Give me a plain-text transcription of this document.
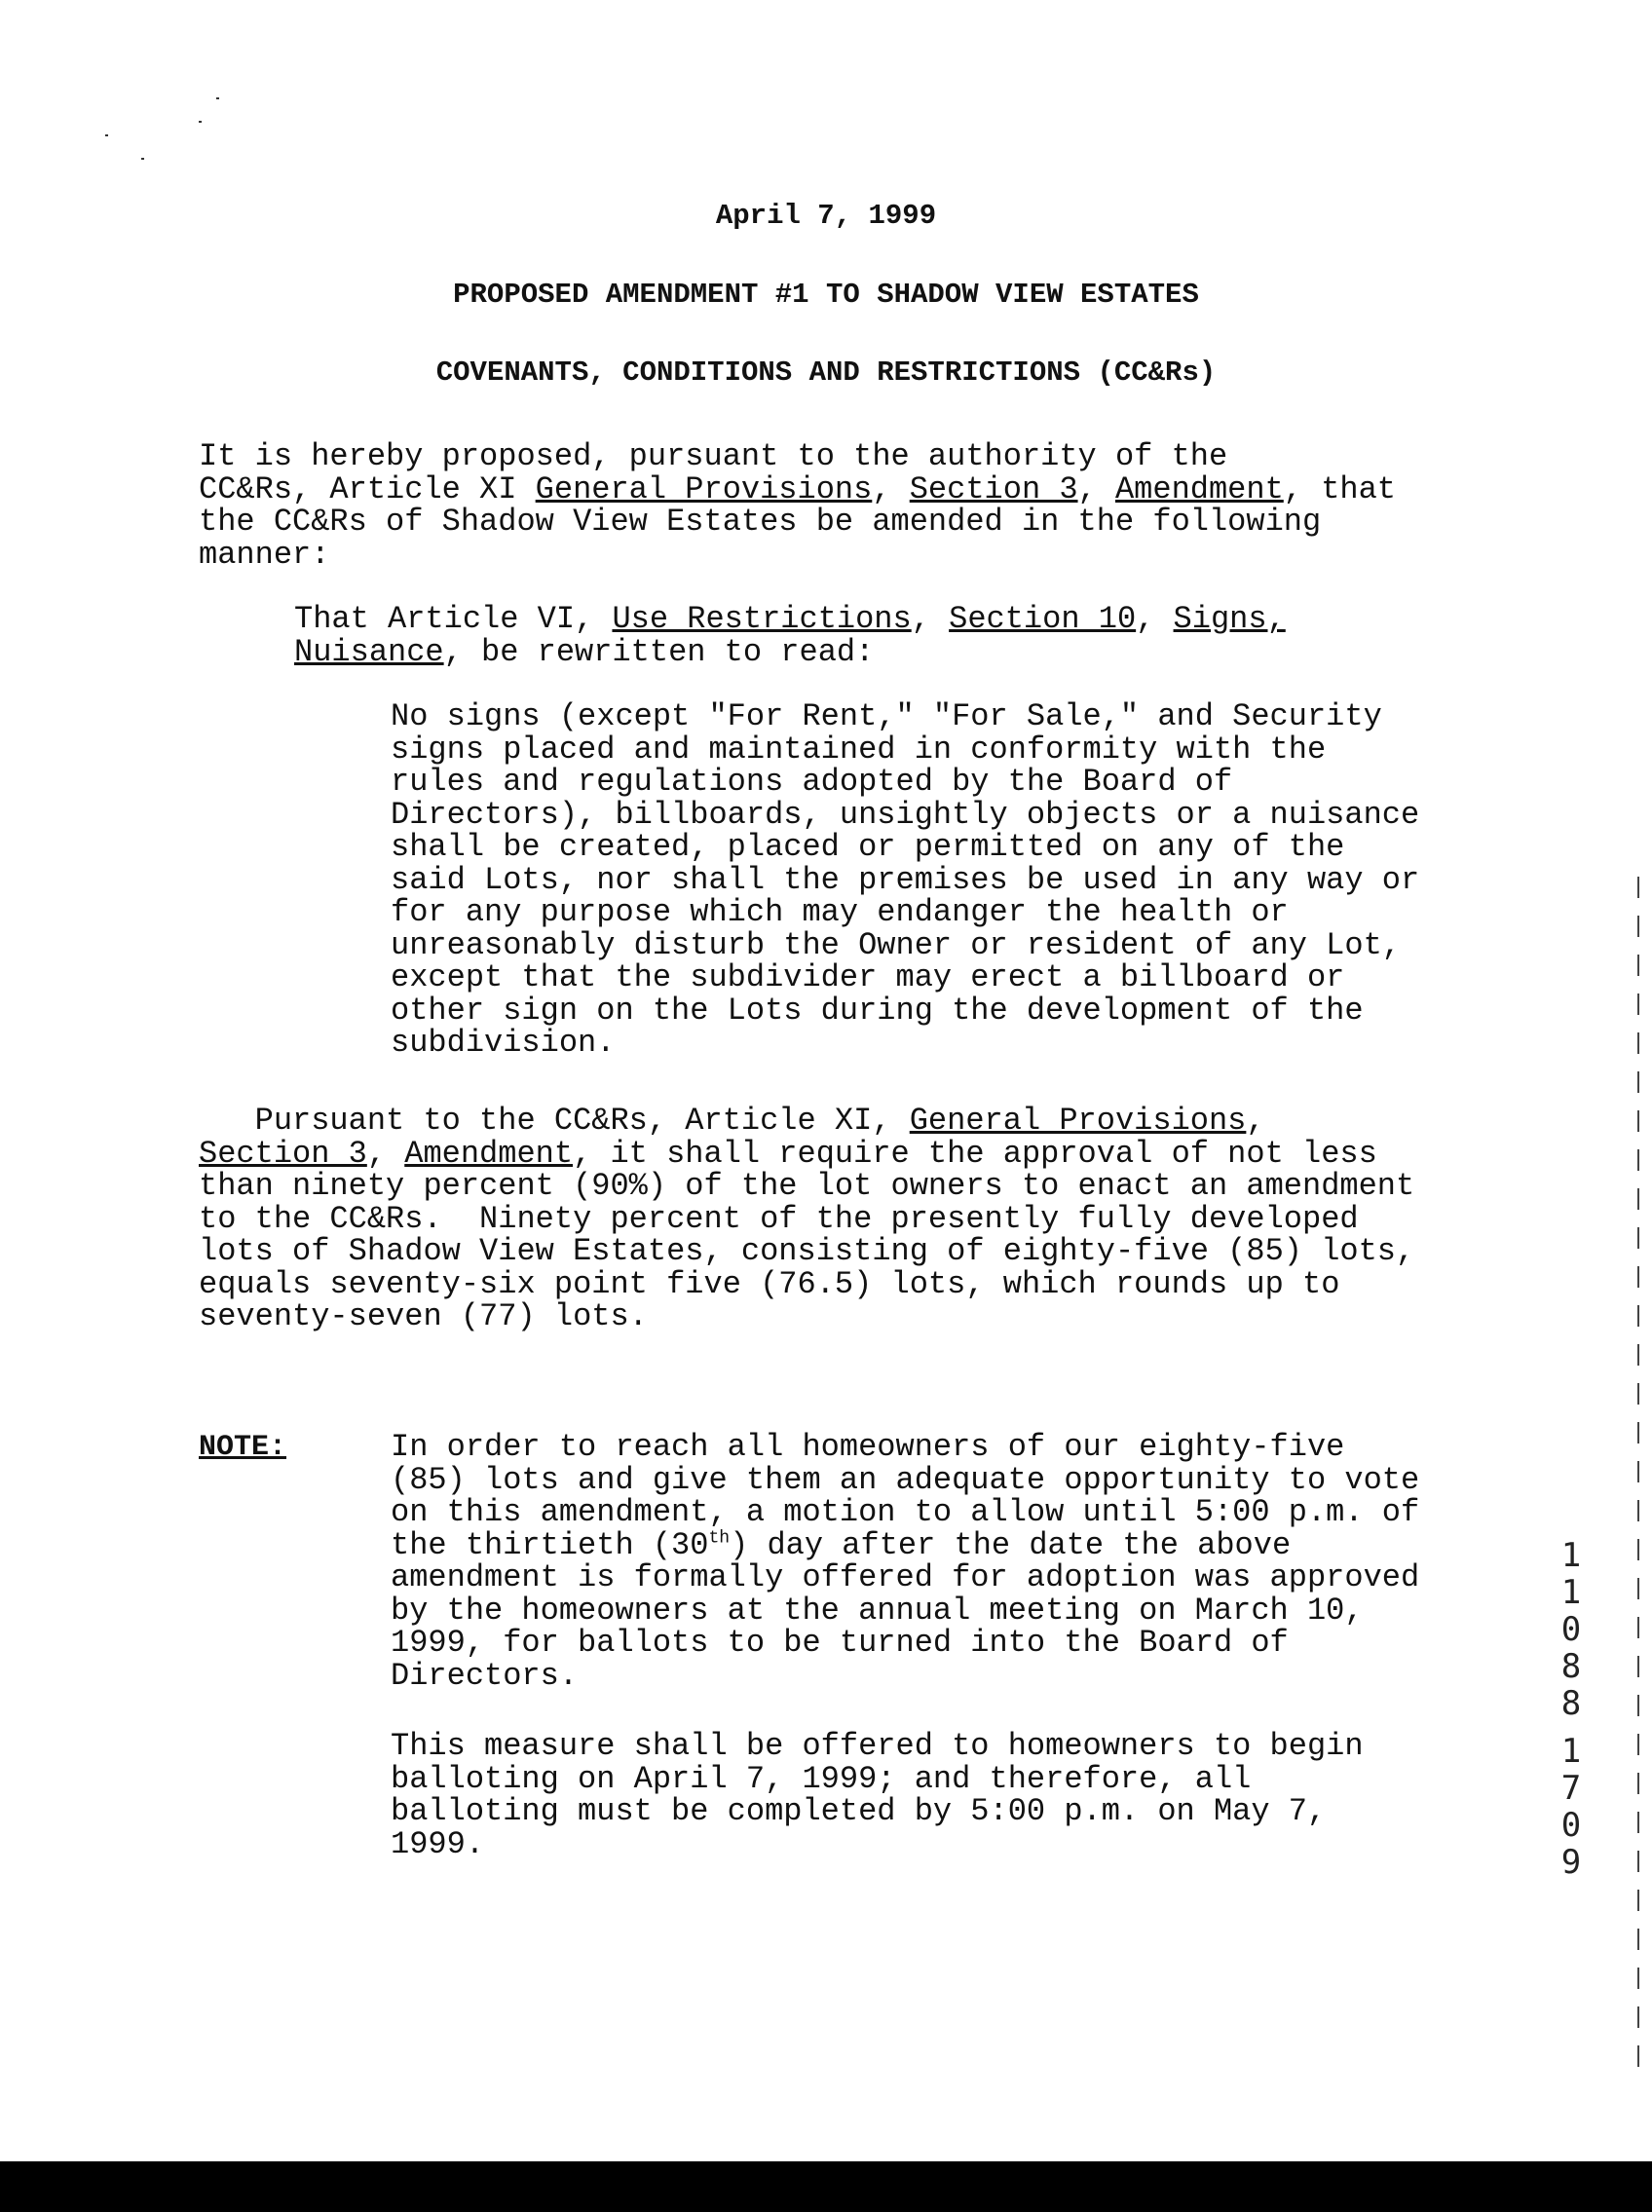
April 7, 1999
PROPOSED AMENDMENT #1 TO SHADOW VIEW ESTATES
COVENANTS, CONDITIONS AND RESTRICTIONS (CC&Rs)
It is hereby proposed, pursuant to the authority of the
CC&Rs, Article XI General Provisions, Section 3, Amendment, that
the CC&Rs of Shadow View Estates be amended in the following
manner:
That Article VI, Use Restrictions, Section 10, Signs,
Nuisance, be rewritten to read:
No signs (except "For Rent," "For Sale," and Security
signs placed and maintained in conformity with the
rules and regulations adopted by the Board of
Directors), billboards, unsightly objects or a nuisance
shall be created, placed or permitted on any of the
said Lots, nor shall the premises be used in any way or
for any purpose which may endanger the health or
unreasonably disturb the Owner or resident of any Lot,
except that the subdivider may erect a billboard or
other sign on the Lots during the development of the
subdivision.
Pursuant to the CC&Rs, Article XI, General Provisions,
Section 3, Amendment, it shall require the approval of not less
than ninety percent (90%) of the lot owners to enact an amendment
to the CC&Rs.  Ninety percent of the presently fully developed
lots of Shadow View Estates, consisting of eighty-five (85) lots,
equals seventy-six point five (76.5) lots, which rounds up to
seventy-seven (77) lots.
NOTE:	In order to reach all homeowners of our eighty-five
(85) lots and give them an adequate opportunity to vote
on this amendment, a motion to allow until 5:00 p.m. of
the thirtieth (30th) day after the date the above
amendment is formally offered for adoption was approved
by the homeowners at the annual meeting on March 10,
1999, for ballots to be turned into the Board of
Directors.
This measure shall be offered to homeowners to begin
balloting on April 7, 1999; and therefore, all
balloting must be completed by 5:00 p.m. on May 7,
1999.
1
1
0
8
8
1
7
0
9
